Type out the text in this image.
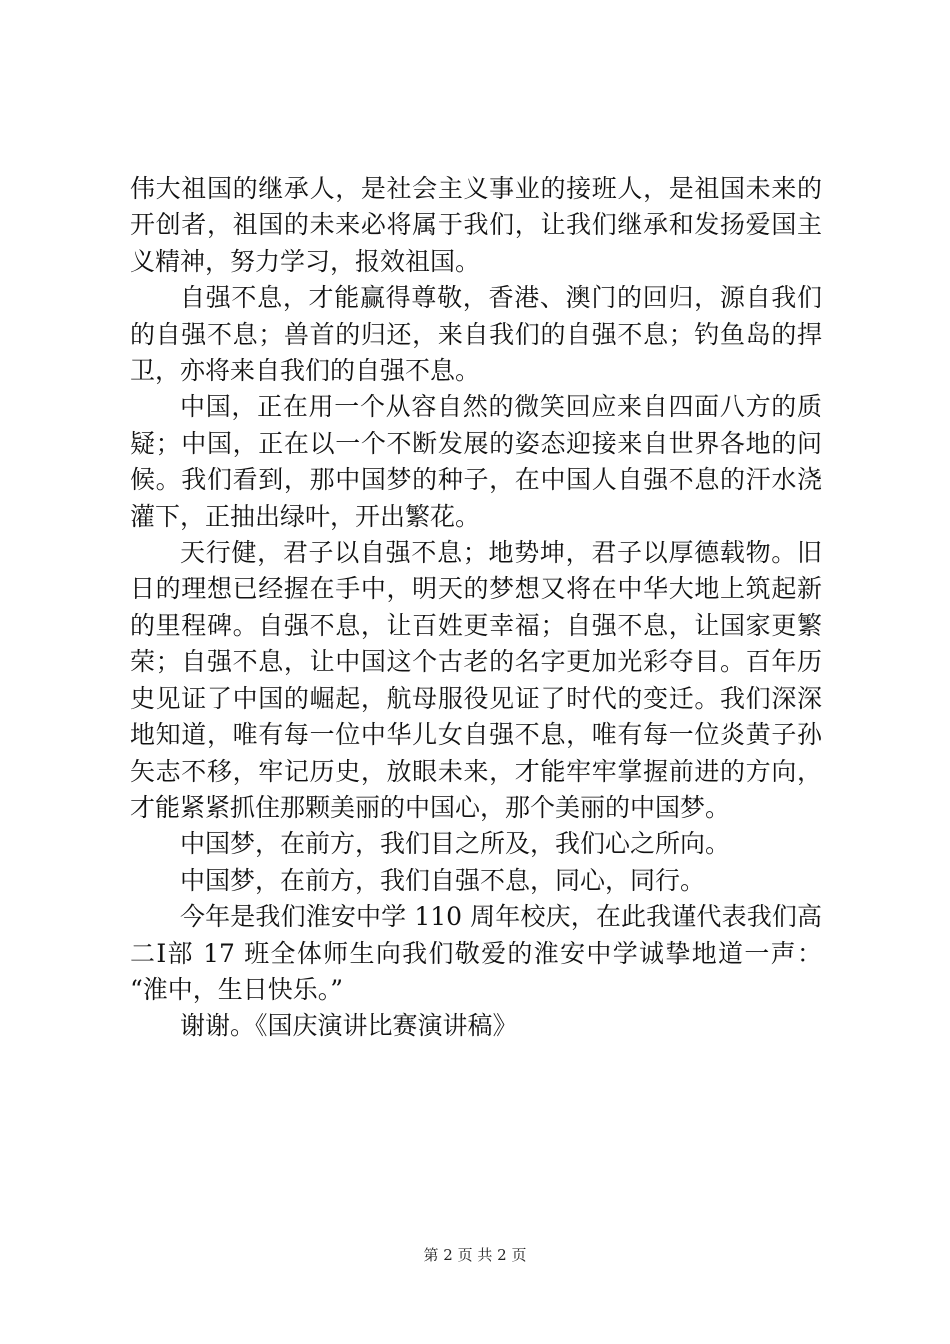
伟大祖国的继承人，是社会主义事业的接班人，是祖国未来的
开创者，祖国的未来必将属于我们，让我们继承和发扬爱国主
义精神，努力学习，报效祖国。

自强不息，才能赢得尊敬，香港、澳门的回归，源自我们
的自强不息；兽首的归还，来自我们的自强不息；钓鱼岛的捍
卫，亦将来自我们的自强不息。

中国，正在用一个从容自然的微笑回应来自四面八方的质
疑；中国，正在以一个不断发展的姿态迎接来自世界各地的问
候。我们看到，那中国梦的种子，在中国人自强不息的汗水浇
灌下，正抽出绿叶，开出繁花。

天行健，君子以自强不息；地势坤，君子以厚德载物。旧
日的理想已经握在手中，明天的梦想又将在中华大地上筑起新
的里程碑。自强不息，让百姓更幸福；自强不息，让国家更繁
荣；自强不息，让中国这个古老的名字更加光彩夺目。百年历
史见证了中国的崛起，航母服役见证了时代的变迁。我们深深
地知道，唯有每一位中华儿女自强不息，唯有每一位炎黄子孙
矢志不移，牢记历史，放眼未来，才能牢牢掌握前进的方向，
才能紧紧抓住那颗美丽的中国心，那个美丽的中国梦。

中国梦，在前方，我们目之所及，我们心之所向。

中国梦，在前方，我们自强不息，同心，同行。

今年是我们淮安中学 110 周年校庆，在此我谨代表我们高
二Ⅰ部 17 班全体师生向我们敬爱的淮安中学诚挚地道一声：
“淮中，生日快乐。”

谢谢。《国庆演讲比赛演讲稿》

第 2 页 共 2 页
